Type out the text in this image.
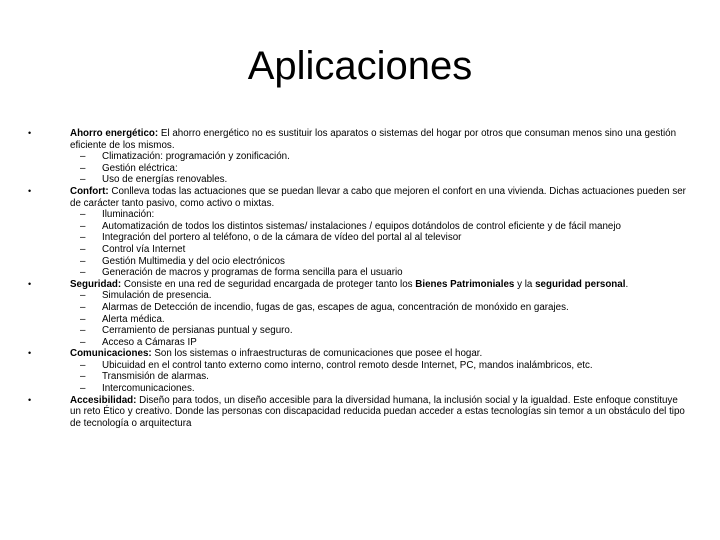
Aplicaciones
•	Ahorro energético: El ahorro energético no es sustituir los aparatos o sistemas del hogar por otros que consuman menos sino una gestión eficiente de los mismos.
– Climatización: programación y zonificación.
– Gestión eléctrica:
– Uso de energías renovables.
•	Confort: Conlleva todas las actuaciones que se puedan llevar a cabo que mejoren el confort en una vivienda. Dichas actuaciones pueden ser de carácter tanto pasivo, como activo o mixtas.
– Iluminación:
– Automatización de todos los distintos sistemas/ instalaciones / equipos dotándolos de control eficiente y de fácil manejo
– Integración del portero al teléfono, o de la cámara de vídeo del portal al al televisor
– Control vía Internet
– Gestión Multimedia y del ocio electrónicos
– Generación de macros y programas de forma sencilla para el usuario
•	Seguridad: Consiste en una red de seguridad encargada de proteger tanto los Bienes Patrimoniales y la seguridad personal.
– Simulación de presencia.
– Alarmas de Detección de incendio, fugas de gas, escapes de agua, concentración de monóxido en garajes.
– Alerta médica.
– Cerramiento de persianas puntual y seguro.
– Acceso a Cámaras IP
•	Comunicaciones: Son los sistemas o infraestructuras de comunicaciones que posee el hogar.
– Ubicuidad en el control tanto externo como interno, control remoto desde Internet, PC, mandos inalámbricos, etc.
– Transmisión de alarmas.
– Intercomunicaciones.
•	Accesibilidad: Diseño para todos, un diseño accesible para la diversidad humana, la inclusión social y la igualdad. Este enfoque constituye un reto Ético y creativo. Donde las personas con discapacidad reducida puedan acceder a estas tecnologías sin temor a un obstáculo del tipo de tecnología o arquitectura
